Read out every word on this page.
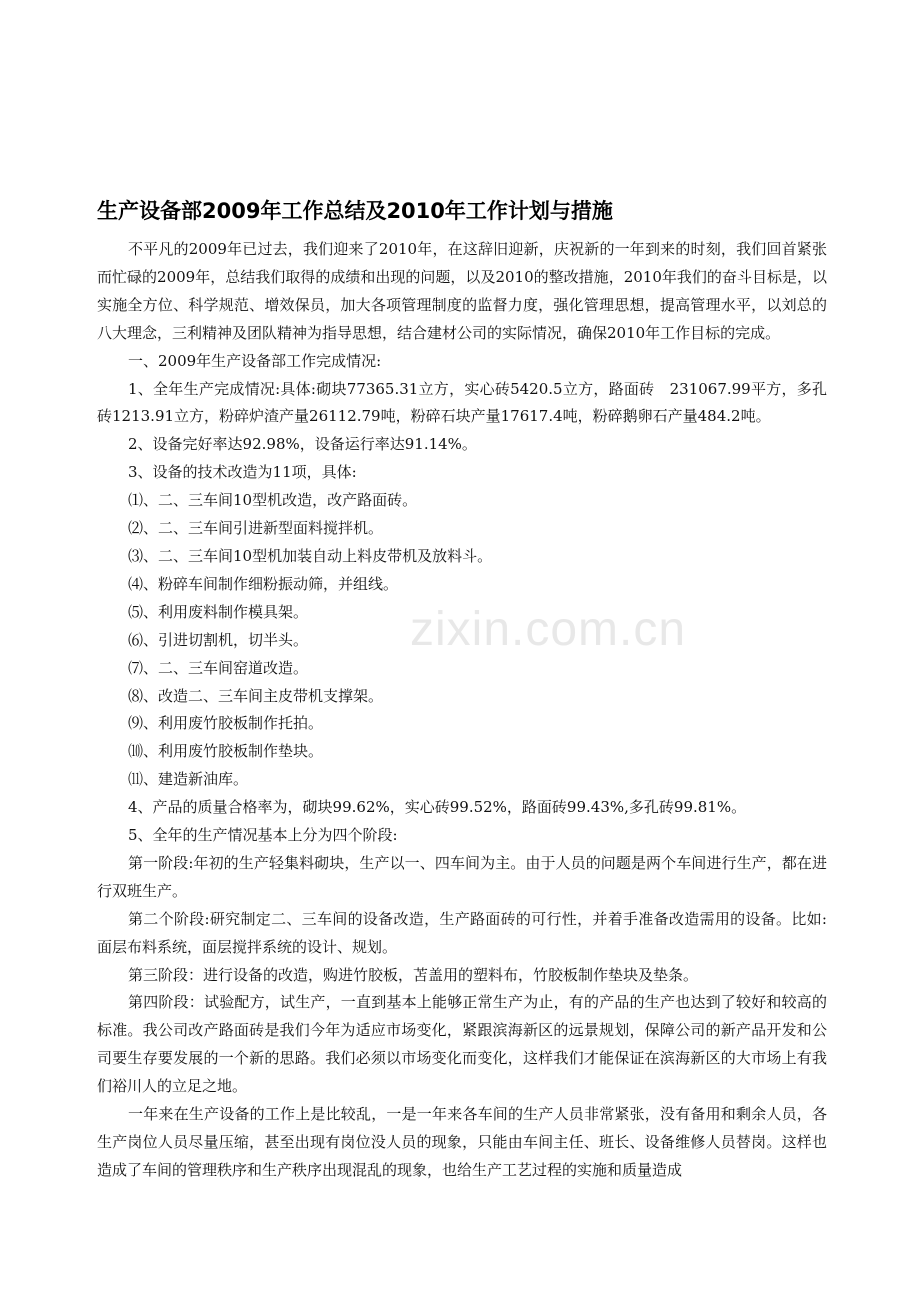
生产设备部2009年工作总结及2010年工作计划与措施

不平凡的2009年已过去，我们迎来了2010年，在这辞旧迎新，庆祝新的一年到来的时刻，我们回首紧张而忙碌的2009年，总结我们取得的成绩和出现的问题，以及2010的整改措施，2010年我们的奋斗目标是，以实施全方位、科学规范、增效保员，加大各项管理制度的监督力度，强化管理思想，提高管理水平，以刘总的八大理念，三利精神及团队精神为指导思想，结合建材公司的实际情况，确保2010年工作目标的完成。

一、2009年生产设备部工作完成情况:

1、全年生产完成情况:具体:砌块77365.31立方，实心砖5420.5立方，路面砖　231067.99平方，多孔砖1213.91立方，粉碎炉渣产量26112.79吨，粉碎石块产量17617.4吨，粉碎鹅卵石产量484.2吨。

2、设备完好率达92.98%，设备运行率达91.14%。

3、设备的技术改造为11项，具体:

⑴、二、三车间10型机改造，改产路面砖。

⑵、二、三车间引进新型面料搅拌机。

⑶、二、三车间10型机加装自动上料皮带机及放料斗。

⑷、粉碎车间制作细粉振动筛，并组线。

⑸、利用废料制作模具架。

⑹、引进切割机，切半头。

⑺、二、三车间窑道改造。

⑻、改造二、三车间主皮带机支撑架。

⑼、利用废竹胶板制作托拍。

⑽、利用废竹胶板制作垫块。

⑾、建造新油库。

4、产品的质量合格率为，砌块99.62%，实心砖99.52%，路面砖99.43%,多孔砖99.81%。

5、全年的生产情况基本上分为四个阶段:

第一阶段:年初的生产轻集料砌块，生产以一、四车间为主。由于人员的问题是两个车间进行生产，都在进行双班生产。

第二个阶段:研究制定二、三车间的设备改造，生产路面砖的可行性，并着手准备改造需用的设备。比如:面层布料系统，面层搅拌系统的设计、规划。

第三阶段：进行设备的改造，购进竹胶板，苫盖用的塑料布，竹胶板制作垫块及垫条。

第四阶段：试验配方，试生产，一直到基本上能够正常生产为止，有的产品的生产也达到了较好和较高的标准。我公司改产路面砖是我们今年为适应市场变化，紧跟滨海新区的远景规划，保障公司的新产品开发和公司要生存要发展的一个新的思路。我们必须以市场变化而变化，这样我们才能保证在滨海新区的大市场上有我们裕川人的立足之地。

一年来在生产设备的工作上是比较乱，一是一年来各车间的生产人员非常紧张，没有备用和剩余人员，各生产岗位人员尽量压缩，甚至出现有岗位没人员的现象，只能由车间主任、班长、设备维修人员替岗。这样也造成了车间的管理秩序和生产秩序出现混乱的现象，也给生产工艺过程的实施和质量造成

zixin.com.cn
